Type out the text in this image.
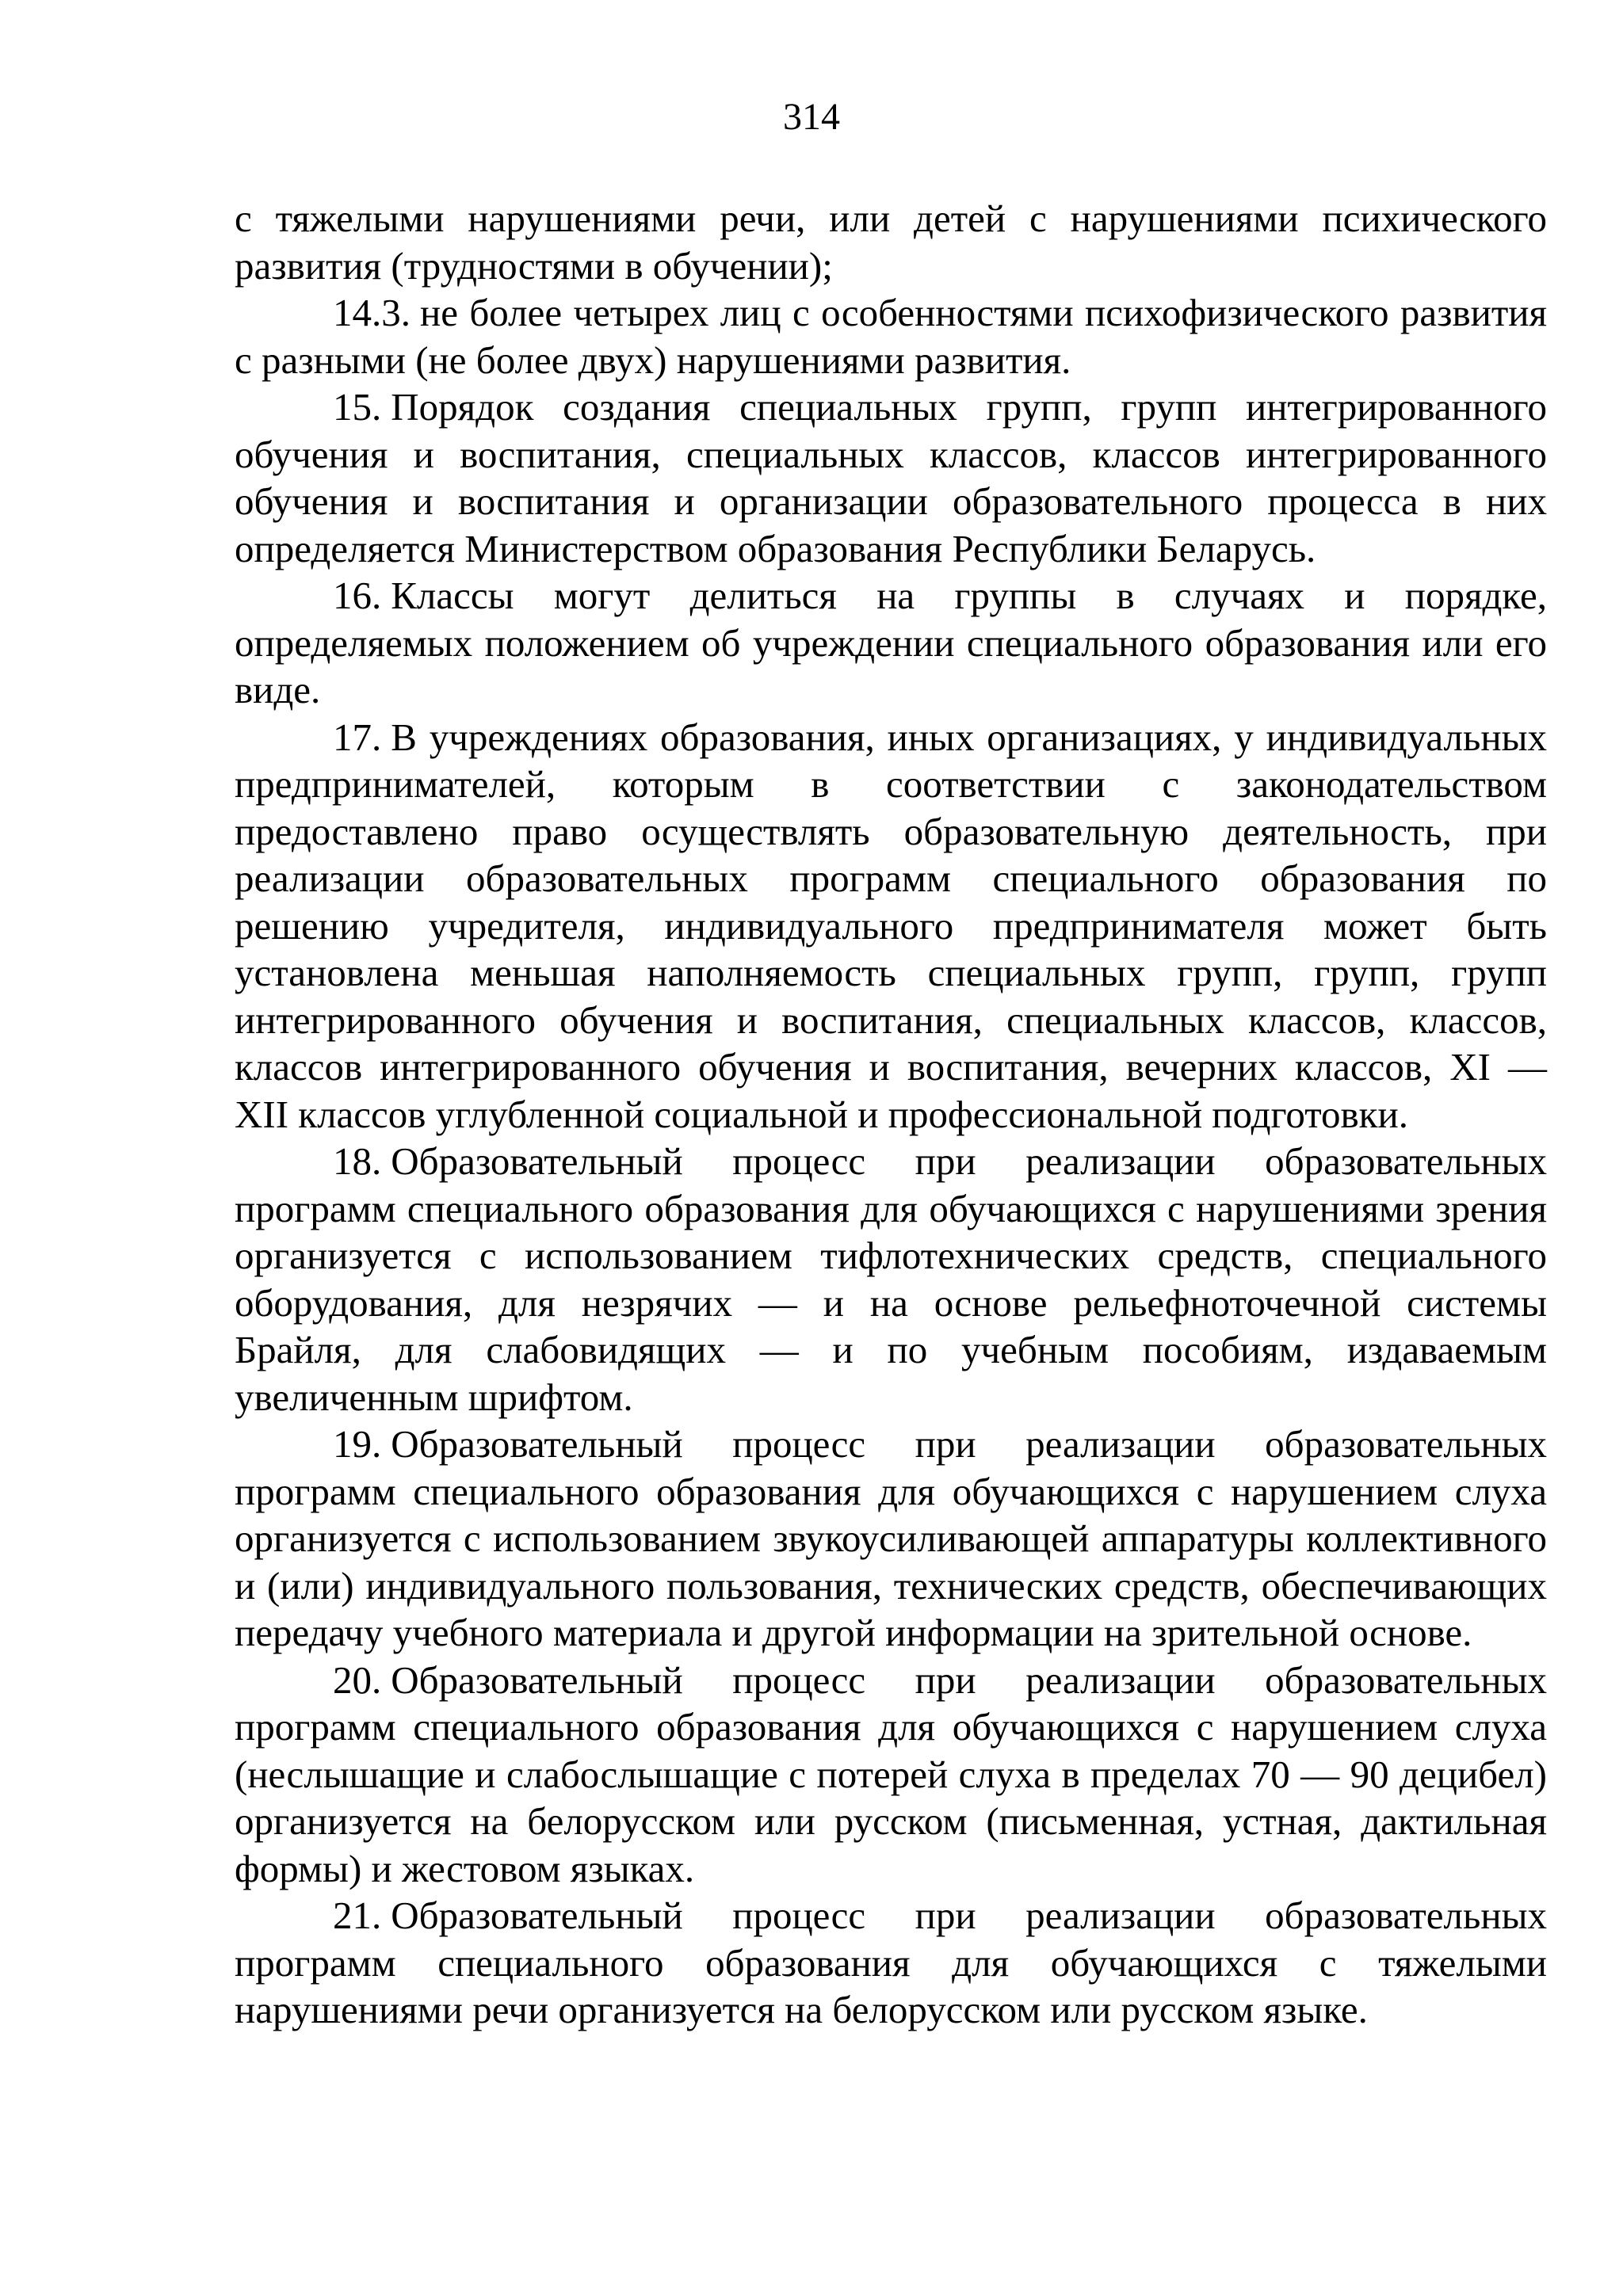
314

с тяжелыми нарушениями речи, или детей с нарушениями психического развития (трудностями в обучении);

14.3. не более четырех лиц с особенностями психофизического развития с разными (не более двух) нарушениями развития.

15. Порядок создания специальных групп, групп интегрированного обучения и воспитания, специальных классов, классов интегрированного обучения и воспитания и организации образовательного процесса в них определяется Министерством образования Республики Беларусь.

16. Классы могут делиться на группы в случаях и порядке, определяемых положением об учреждении специального образования или его виде.

17. В учреждениях образования, иных организациях, у индивидуальных предпринимателей, которым в соответствии с законодательством предоставлено право осуществлять образовательную деятельность, при реализации образовательных программ специального образования по решению учредителя, индивидуального предпринимателя может быть установлена меньшая наполняемость специальных групп, групп, групп интегрированного обучения и воспитания, специальных классов, классов, классов интегрированного обучения и воспитания, вечерних классов, XI — XII классов углубленной социальной и профессиональной подготовки.

18. Образовательный процесс при реализации образовательных программ специального образования для обучающихся с нарушениями зрения организуется с использованием тифлотехнических средств, специального оборудования, для незрячих — и на основе рельефноточечной системы Брайля, для слабовидящих — и по учебным пособиям, издаваемым увеличенным шрифтом.

19. Образовательный процесс при реализации образовательных программ специального образования для обучающихся с нарушением слуха организуется с использованием звукоусиливающей аппаратуры коллективного и (или) индивидуального пользования, технических средств, обеспечивающих передачу учебного материала и другой информации на зрительной основе.

20. Образовательный процесс при реализации образовательных программ специального образования для обучающихся с нарушением слуха (неслышащие и слабослышащие с потерей слуха в пределах 70 — 90 децибел) организуется на белорусском или русском (письменная, устная, дактильная формы) и жестовом языках.

21. Образовательный процесс при реализации образовательных программ специального образования для обучающихся с тяжелыми нарушениями речи организуется на белорусском или русском языке.
